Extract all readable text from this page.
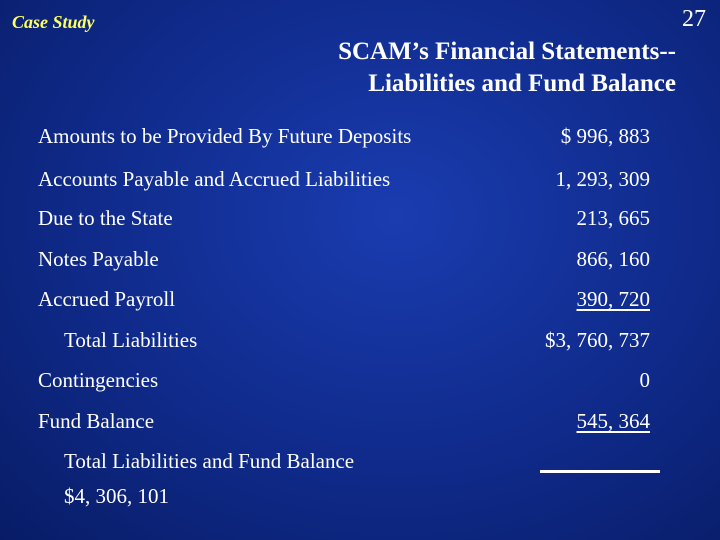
Case Study	27
SCAM’s Financial Statements--
Liabilities and Fund Balance
Amounts to be Provided By Future Deposits	$ 996, 883
Accounts Payable and Accrued Liabilities	1, 293, 309
Due to the State	213, 665
Notes Payable	866, 160
Accrued Payroll	390, 720
Total Liabilities	$3, 760, 737
Contingencies	0
Fund Balance	545, 364
Total Liabilities and Fund Balance
$4, 306, 101
